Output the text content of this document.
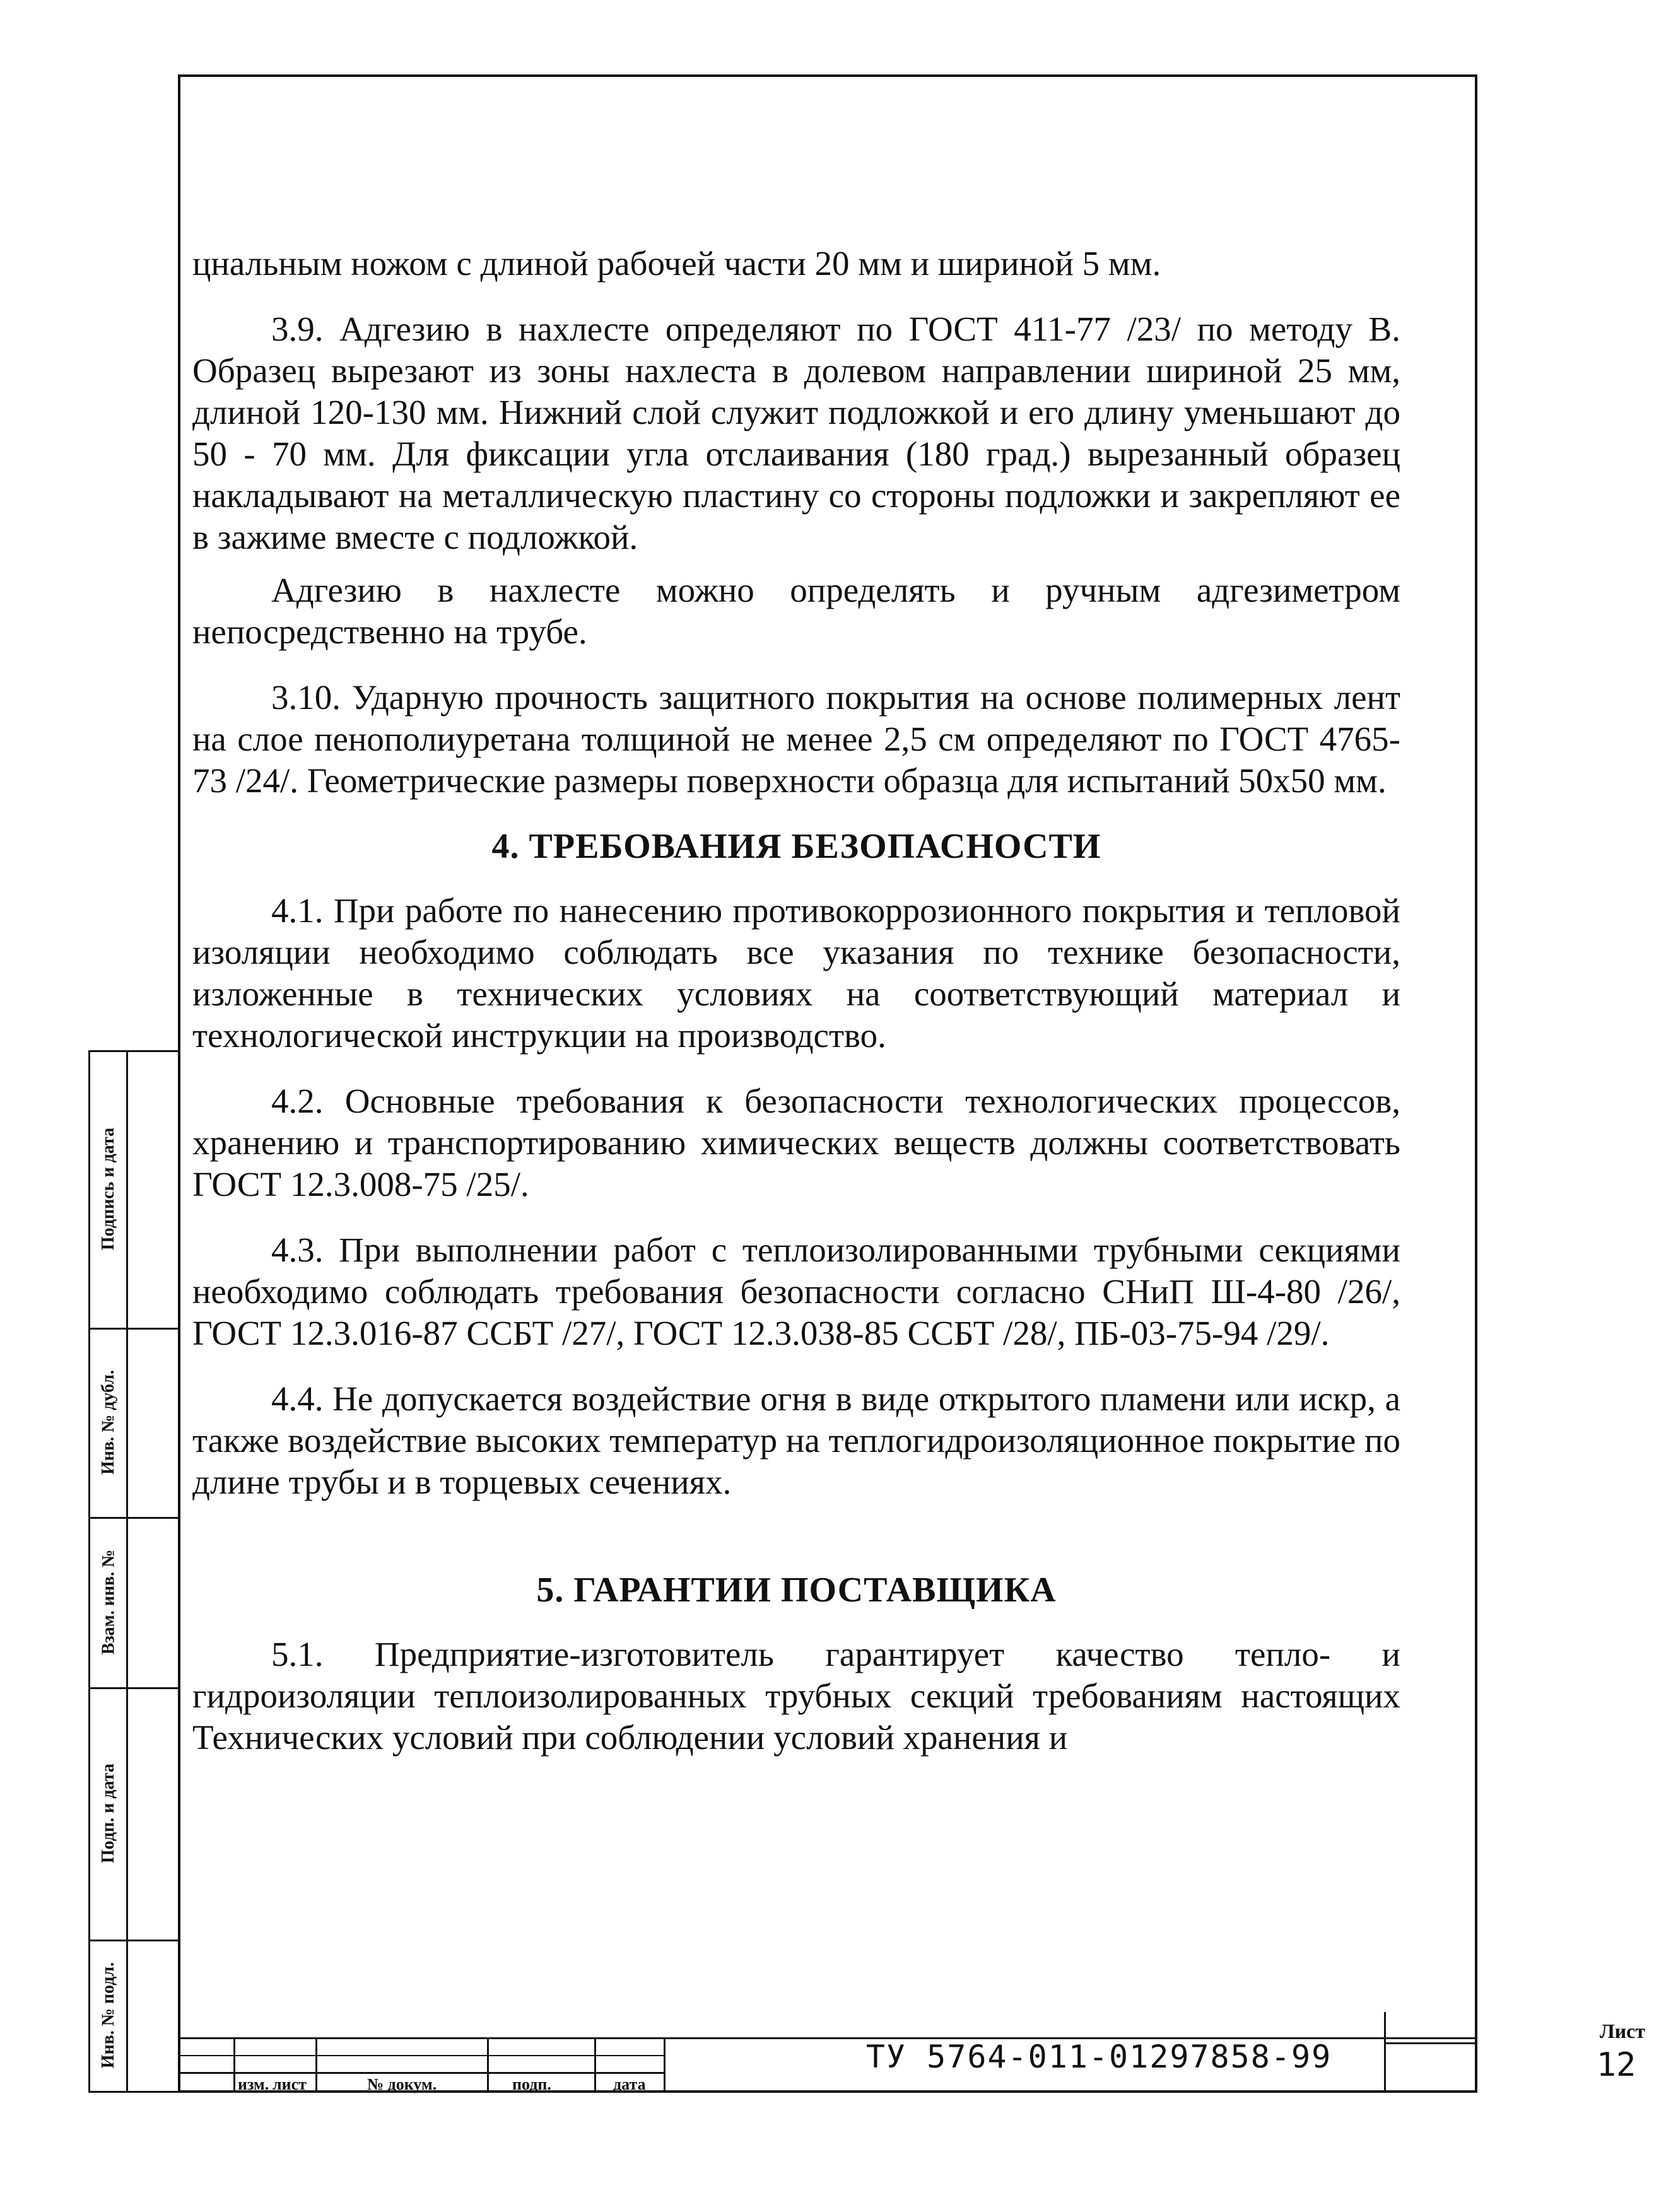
цнальным ножом с длиной рабочей части 20 мм и шириной 5 мм.

3.9. Адгезию в нахлесте определяют по ГОСТ 411-77 /23/ по методу В. Образец вырезают из зоны нахлеста в долевом направлении шириной 25 мм, длиной 120-130 мм. Нижний слой служит подложкой и его длину уменьшают до 50 - 70 мм. Для фиксации угла отслаивания (180 град.) вырезанный образец накладывают на металлическую пластину со стороны подложки и закрепляют ее в зажиме вместе с подложкой.

Адгезию в нахлесте можно определять и ручным адгезиметром непосредственно на трубе.

3.10. Ударную прочность защитного покрытия на основе полимерных лент на слое пенополиуретана толщиной не менее 2,5 см определяют по ГОСТ 4765-73 /24/. Геометрические размеры поверхности образца для испытаний 50х50 мм.

4. ТРЕБОВАНИЯ БЕЗОПАСНОСТИ

4.1. При работе по нанесению противокоррозионного покрытия и тепловой изоляции необходимо соблюдать все указания по технике безопасности, изложенные в технических условиях на соответствующий материал и технологической инструкции на производство.

4.2. Основные требования к безопасности технологических процессов, хранению и транспортированию химических веществ должны соответствовать ГОСТ 12.3.008-75 /25/.

4.3. При выполнении работ с теплоизолированными трубными секциями необходимо соблюдать требования безопасности согласно СНиП Ш-4-80 /26/, ГОСТ 12.3.016-87 ССБТ /27/, ГОСТ 12.3.038-85 ССБТ /28/, ПБ-03-75-94 /29/.

4.4. Не допускается воздействие огня в виде открытого пламени или искр, а также воздействие высоких температур на теплогидроизоляционное покрытие по длине трубы и в торцевых сечениях.

5. ГАРАНТИИ ПОСТАВЩИКА

5.1. Предприятие-изготовитель гарантирует качество тепло- и гидроизоляции теплоизолированных трубных секций требованиям настоящих Технических условий при соблюдении условий хранения и

Подпись и дата
Инв. № дубл.
Взам. инв. №
Подп. и дата
Инв. № подл.
изм. лист	№ докум.	подп.	дата
ТУ 5764-011-01297858-99
Лист
12
